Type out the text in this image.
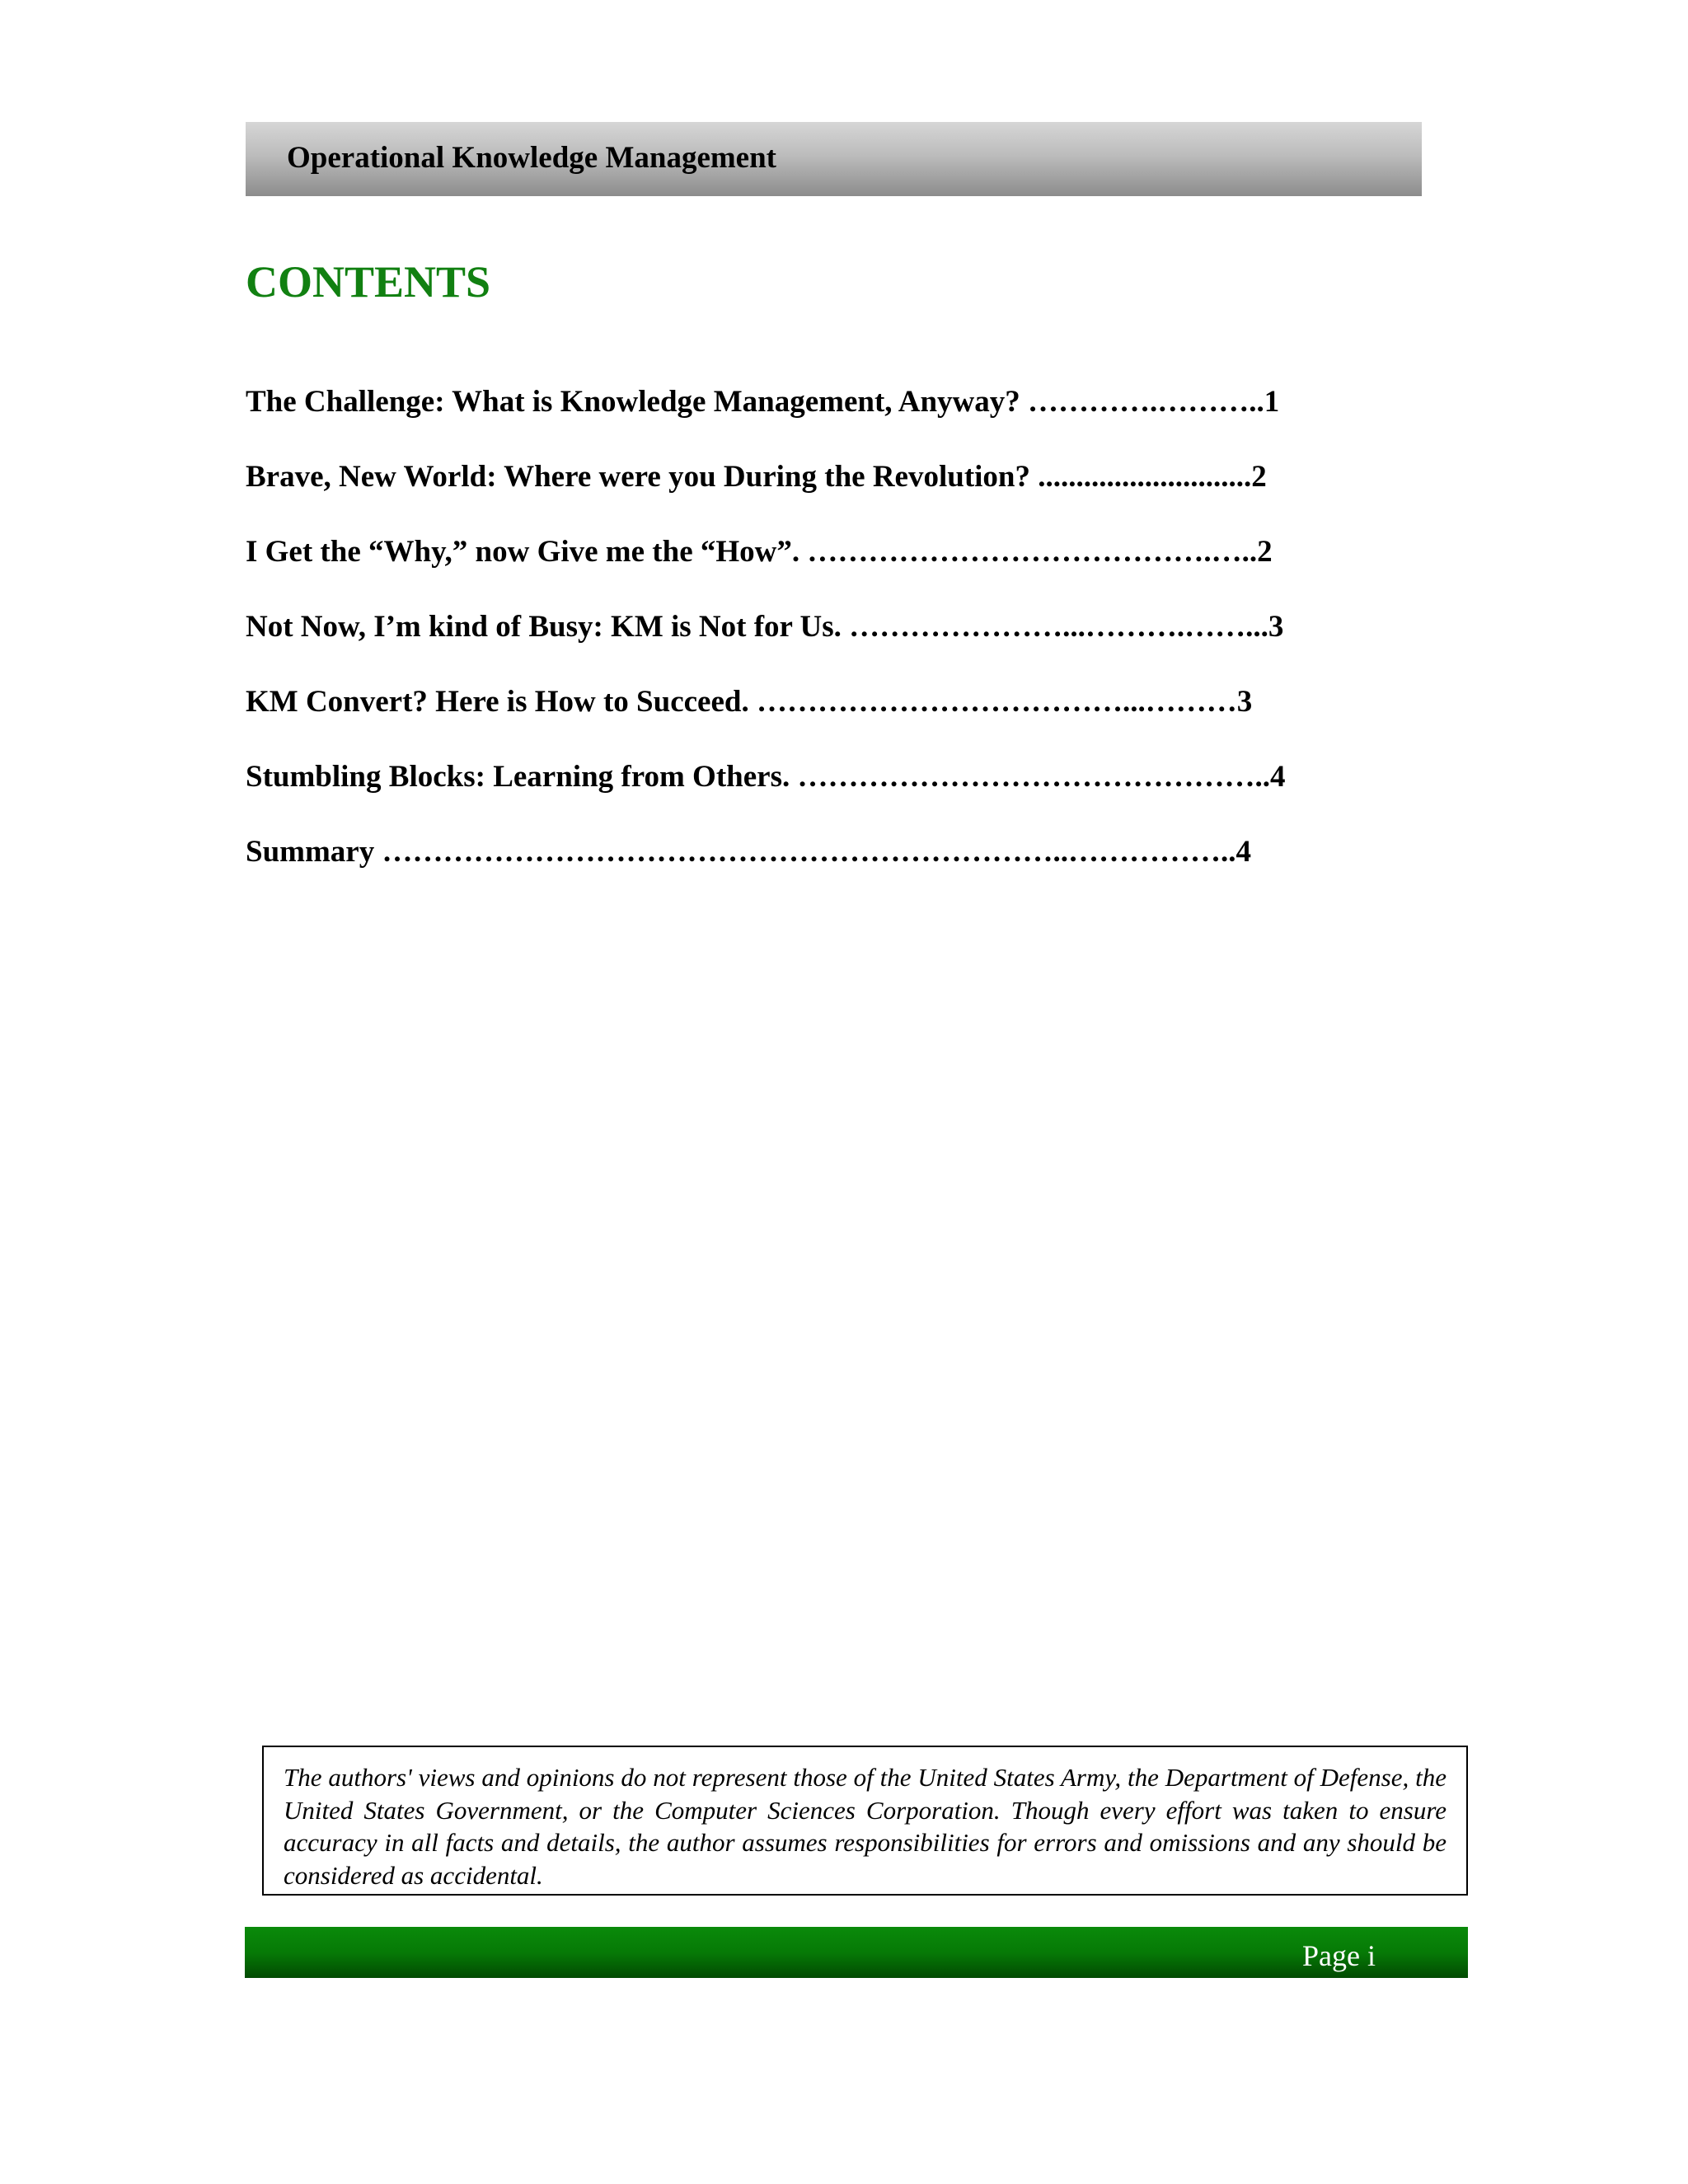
Operational Knowledge Management
CONTENTS
The Challenge: What is Knowledge Management, Anyway? ………….………..1
Brave, New World: Where were you During the Revolution? ............................2
I Get the “Why,” now Give me the “How”. ………………………………….…..2
Not Now, I’m kind of Busy: KM is Not for Us. …………………...……….……...3
KM Convert? Here is How to Succeed. ………………………………...………3
Stumbling Blocks: Learning from Others. ………………………………………..4
Summary …………………………………………………………..……………..4

The authors' views and opinions do not represent those of the United States Army, the Department of Defense, the United States Government, or the Computer Sciences Corporation. Though every effort was taken to ensure accuracy in all facts and details, the author assumes responsibilities for errors and omissions and any should be considered as accidental.

Page i
